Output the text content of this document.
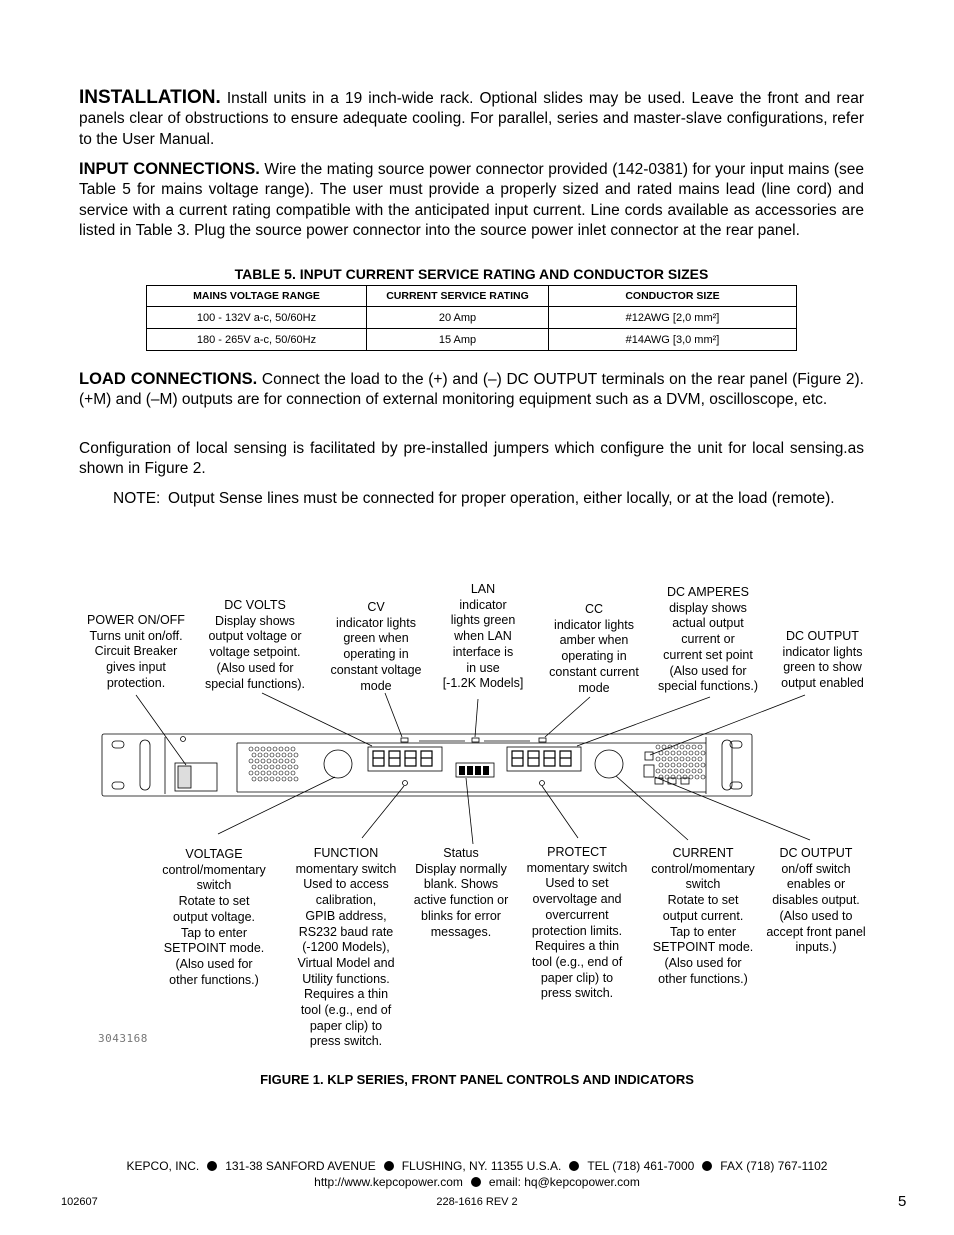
INSTALLATION. Install units in a 19 inch-wide rack. Optional slides may be used. Leave the front and rear panels clear of obstructions to ensure adequate cooling. For parallel, series and master-slave configurations, refer to the User Manual.

INPUT CONNECTIONS. Wire the mating source power connector provided (142-0381) for your input mains (see Table 5 for mains voltage range). The user must provide a properly sized and rated mains lead (line cord) and service with a current rating compatible with the anticipated input current. Line cords available as accessories are listed in Table 3. Plug the source power connector into the source power inlet connector at the rear panel.

TABLE 5. INPUT CURRENT SERVICE RATING AND CONDUCTOR SIZES
MAINS VOLTAGE RANGE	CURRENT SERVICE RATING	CONDUCTOR SIZE
100 - 132V a-c, 50/60Hz	20 Amp	#12AWG [2,0 mm²]
180 - 265V a-c, 50/60Hz	15 Amp	#14AWG [3,0 mm²]

LOAD CONNECTIONS. Connect the load to the (+) and (–) DC OUTPUT terminals on the rear panel (Figure 2). (+M) and (–M) outputs are for connection of external monitoring equipment such as a DVM, oscilloscope, etc.

Configuration of local sensing is facilitated by pre-installed jumpers which configure the unit for local sensing.as shown in Figure 2.

NOTE: Output Sense lines must be connected for proper operation, either locally, or at the load (remote).
POWER ON/OFF
Turns unit on/off.
Circuit Breaker
gives input
protection.
DC VOLTS
Display shows
output voltage or
voltage setpoint.
(Also used for
special functions).
CV
indicator lights
green when
operating in
constant voltage
mode
LAN
indicator
lights green
when LAN
interface is
in use
[-1.2K Models]
CC
indicator lights
amber when
operating in
constant current
mode
DC AMPERES
display shows
actual output
current or
current set point
(Also used for
special functions.)
DC OUTPUT
indicator lights
green to show
output enabled
VOLTAGE
control/momentary
switch
Rotate to set
output voltage.
Tap to enter
SETPOINT mode.
(Also used for
other functions.)
FUNCTION
momentary switch
Used to access
calibration,
GPIB address,
RS232 baud rate
(-1200 Models),
Virtual Model and
Utility functions.
Requires a thin
tool (e.g., end of
paper clip) to
press switch.
Status
Display normally
blank. Shows
active function or
blinks for error
messages.
PROTECT
momentary switch
Used to set
overvoltage and
overcurrent
protection limits.
Requires a thin
tool (e.g., end of
paper clip) to
press switch.
CURRENT
control/momentary
switch
Rotate to set
output current.
Tap to enter
SETPOINT mode.
(Also used for
other functions.)
DC OUTPUT
on/off switch
enables or
disables output.
(Also used to
accept front panel
inputs.)
3043168
FIGURE 1. KLP SERIES, FRONT PANEL CONTROLS AND INDICATORS
KEPCO, INC. 131-38 SANFORD AVENUE FLUSHING, NY. 11355 U.S.A. TEL (718) 461-7000 FAX (718) 767-1102
http://www.kepcopower.com email: hq@kepcopower.com
102607	228-1616 REV 2	5
